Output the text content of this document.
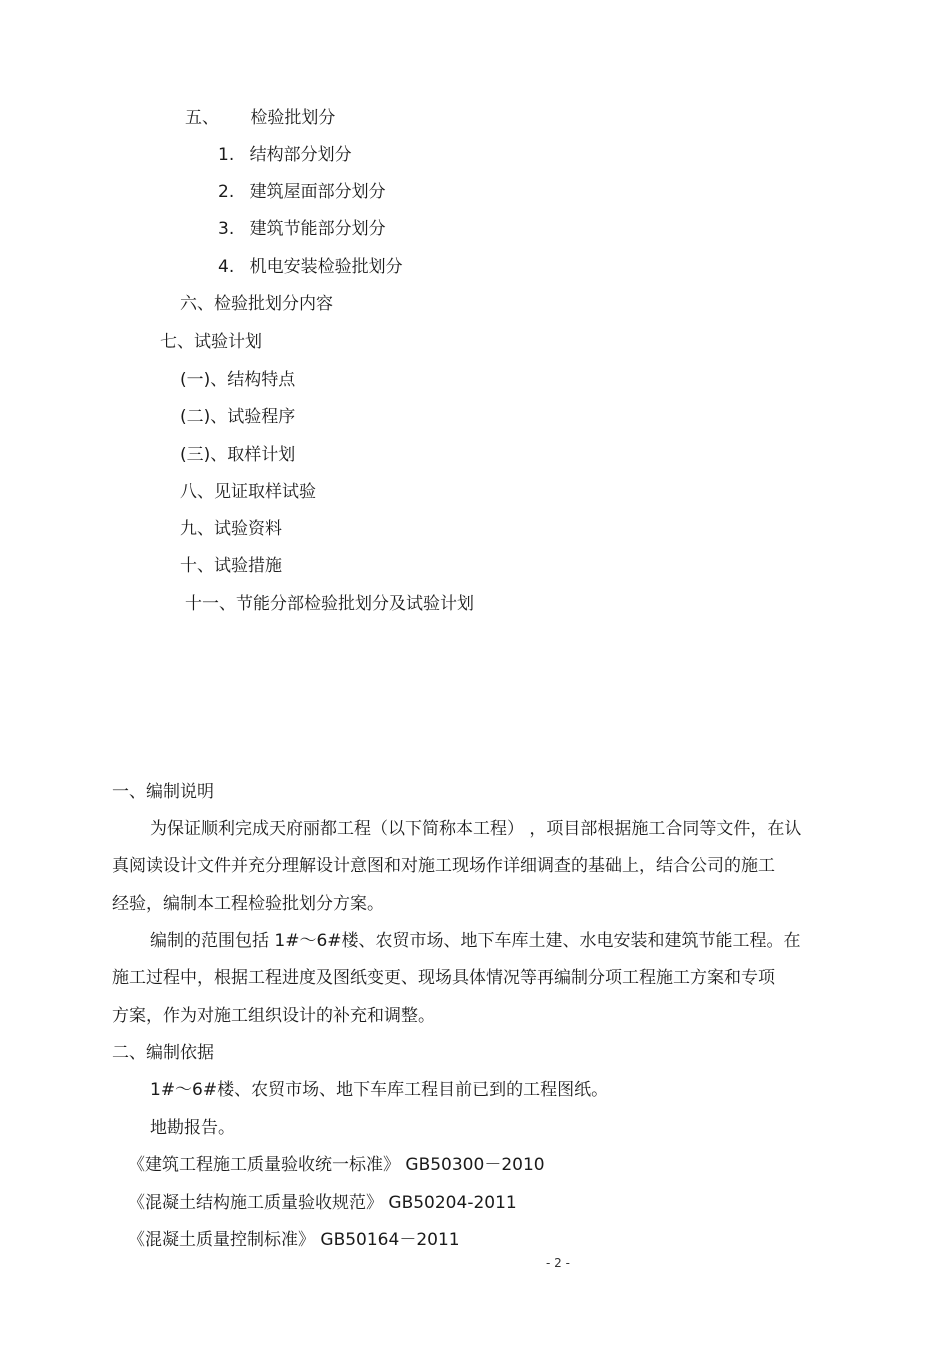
五、 检验批划分
1. 结构部分划分
2. 建筑屋面部分划分
3. 建筑节能部分划分
4. 机电安装检验批划分
六、检验批划分内容
七、试验计划
(一)、结构特点
(二)、试验程序
(三)、取样计划
八、见证取样试验
九、试验资料
十、试验措施
十一、节能分部检验批划分及试验计划
一、编制说明
为保证顺利完成天府丽都工程（以下简称本工程） ，项目部根据施工合同等文件，在认
真阅读设计文件并充分理解设计意图和对施工现场作详细调查的基础上，结合公司的施工
经验，编制本工程检验批划分方案。
编制的范围包括 1#～6#楼、农贸市场、地下车库土建、水电安装和建筑节能工程。在
施工过程中，根据工程进度及图纸变更、现场具体情况等再编制分项工程施工方案和专项
方案，作为对施工组织设计的补充和调整。
二、编制依据
1#～6#楼、农贸市场、地下车库工程目前已到的工程图纸。
地勘报告。
《建筑工程施工质量验收统一标准》 GB50300－2010
《混凝土结构施工质量验收规范》 GB50204-2011
《混凝土质量控制标准》 GB50164－2011
- 2 -
